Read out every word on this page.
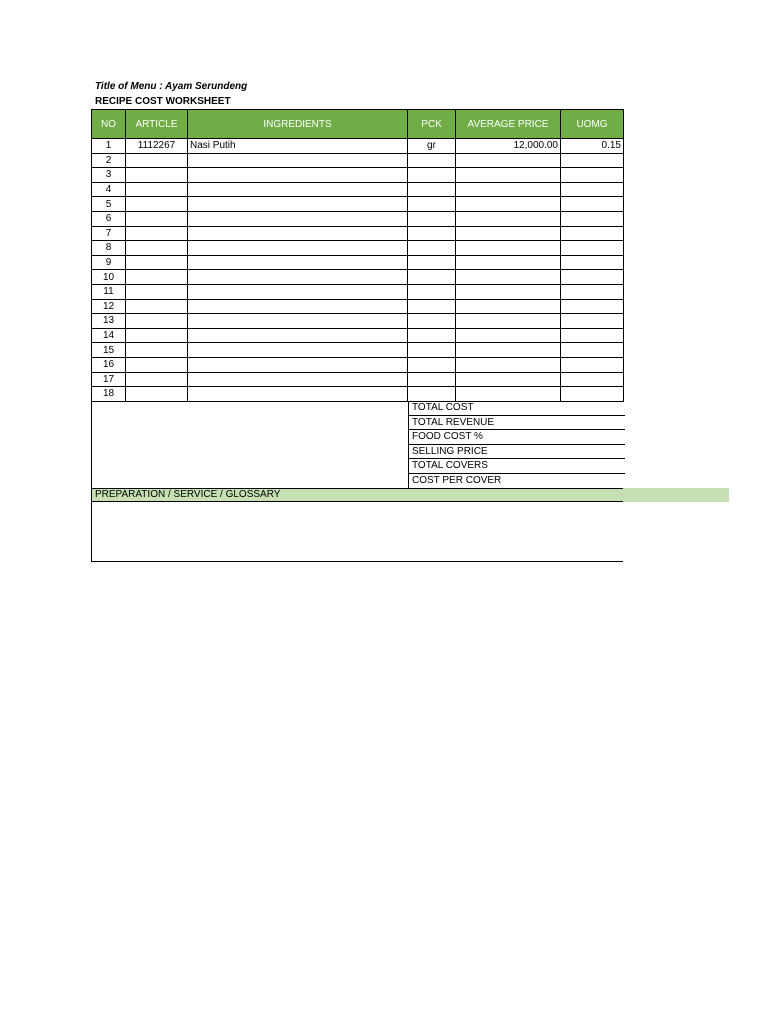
Title of Menu : Ayam Serundeng
RECIPE COST WORKSHEET
NO	ARTICLE	INGREDIENTS	PCK	AVERAGE PRICE	UOMG
1	1112267	Nasi Putih	gr	12,000.00	0.15
2					
3					
4					
5					
6					
7					
8					
9					
10					
11					
12					
13					
14					
15					
16					
17					
18					
TOTAL COST
TOTAL REVENUE
FOOD COST %
SELLING PRICE
TOTAL COVERS
COST PER COVER
PREPARATION / SERVICE / GLOSSARY
